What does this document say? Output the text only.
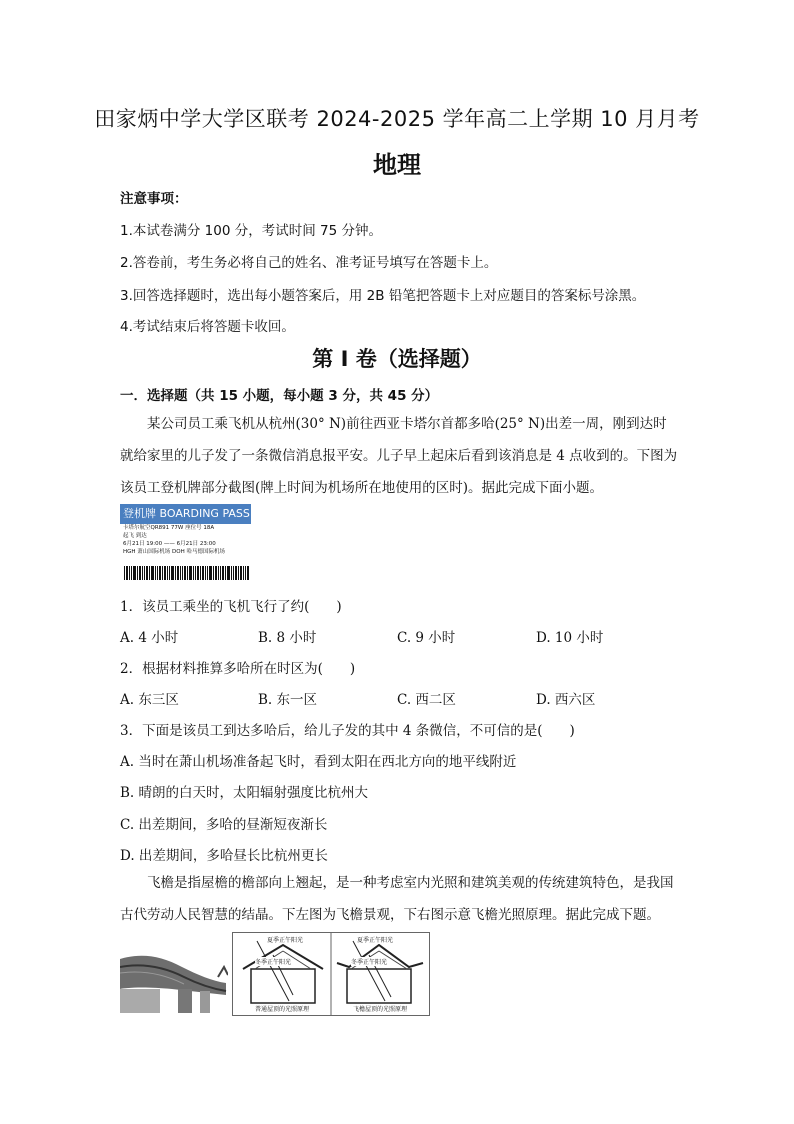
田家炳中学大学区联考 2024-2025 学年高二上学期 10 月月考
地理
注意事项：
1.本试卷满分 100 分，考试时间 75 分钟。
2.答卷前，考生务必将自己的姓名、准考证号填写在答题卡上。
3.回答选择题时，选出每小题答案后，用 2B 铅笔把答题卡上对应题目的答案标号涂黑。
4.考试结束后将答题卡收回。
第 I 卷（选择题）
一．选择题（共 15 小题，每小题 3 分，共 45 分）
某公司员工乘飞机从杭州(30° N)前往西亚卡塔尔首都多哈(25° N)出差一周，刚到达时就给家里的儿子发了一条微信消息报平安。儿子早上起床后看到该消息是 4 点收到的。下图为该员工登机牌部分截图(牌上时间为机场所在地使用的区时)。据此完成下面小题。
登机牌 BOARDING PASS
卡塔尔航空QR891 77W 座位号 18A
起飞 到达
6月21日 19:00 —— 6月21日 23:00
HGH 萧山国际机场 DOH 哈马德国际机场
1．该员工乘坐的飞机飞行了约(　　)
A. 4 小时	B. 8 小时	C. 9 小时	D. 10 小时
2．根据材料推算多哈所在时区为(　　)
A. 东三区	B. 东一区	C. 西二区	D. 西六区
3．下面是该员工到达多哈后，给儿子发的其中 4 条微信，不可信的是(　　)
A. 当时在萧山机场准备起飞时，看到太阳在西北方向的地平线附近
B. 晴朗的白天时，太阳辐射强度比杭州大
C. 出差期间，多哈的昼渐短夜渐长
D. 出差期间，多哈昼长比杭州更长
飞檐是指屋檐的檐部向上翘起，是一种考虑室内光照和建筑美观的传统建筑特色，是我国古代劳动人民智慧的结晶。下左图为飞檐景观，下右图示意飞檐光照原理。据此完成下题。
夏季正午阳光
冬季正午阳光
普通屋顶的光照原理
夏季正午阳光
冬季正午阳光
飞檐屋顶的光照原理
